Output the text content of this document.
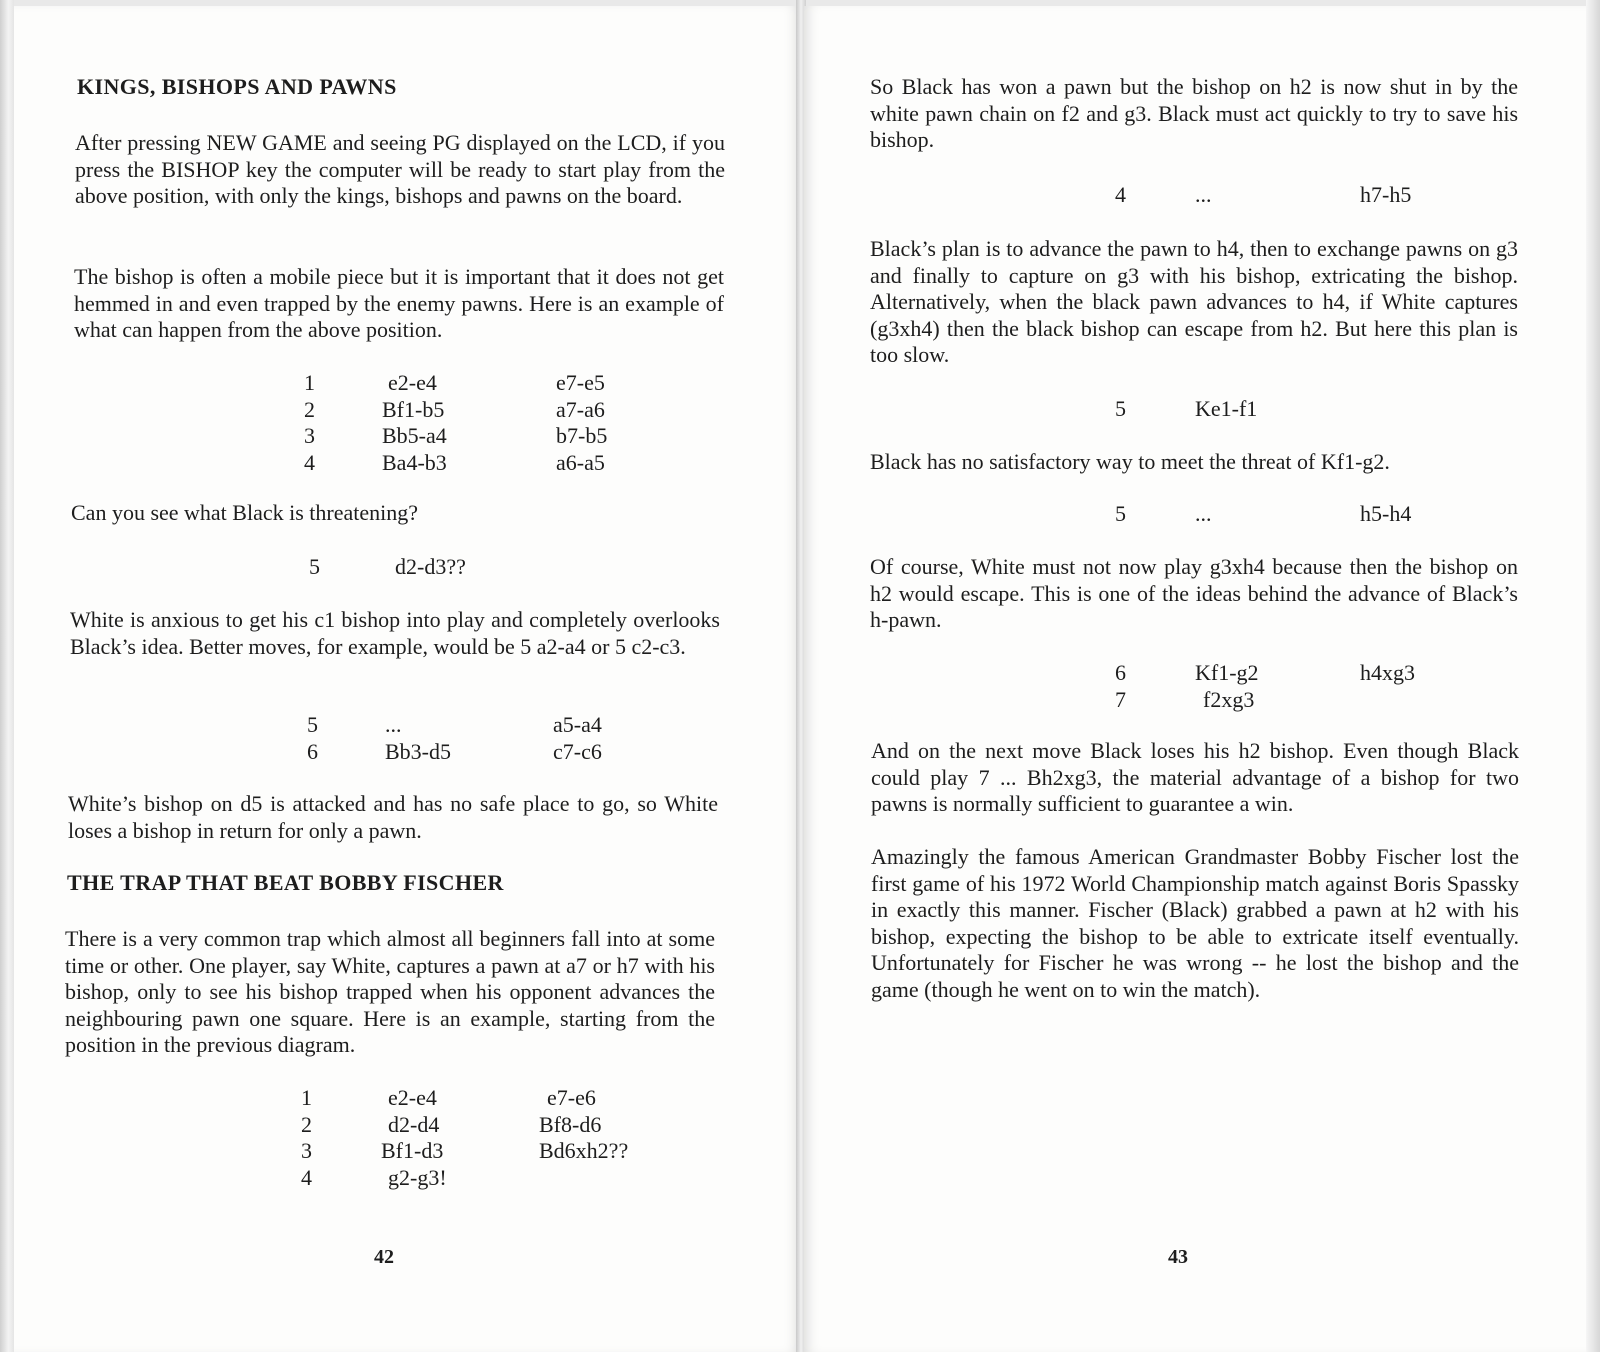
KINGS, BISHOPS AND PAWNS

After pressing NEW GAME and seeing PG displayed on the LCD, if you press the BISHOP key the computer will be ready to start play from the above position, with only the kings, bishops and pawns on the board.

The bishop is often a mobile piece but it is important that it does not get hemmed in and even trapped by the enemy pawns. Here is an example of what can happen from the above position.

1	e2-e4	e7-e5
2	Bf1-b5	a7-a6
3	Bb5-a4	b7-b5
4	Ba4-b3	a6-a5

Can you see what Black is threatening?

5	d2-d3??

White is anxious to get his c1 bishop into play and completely overlooks Black’s idea. Better moves, for example, would be 5 a2-a4 or 5 c2-c3.

5	...	a5-a4
6	Bb3-d5	c7-c6

White’s bishop on d5 is attacked and has no safe place to go, so White loses a bishop in return for only a pawn.

THE TRAP THAT BEAT BOBBY FISCHER

There is a very common trap which almost all beginners fall into at some time or other. One player, say White, captures a pawn at a7 or h7 with his bishop, only to see his bishop trapped when his opponent advances the neighbouring pawn one square. Here is an example, starting from the position in the previous diagram.

1	e2-e4	e7-e6
2	d2-d4	Bf8-d6
3	Bf1-d3	Bd6xh2??
4	g2-g3!
42

So Black has won a pawn but the bishop on h2 is now shut in by the white pawn chain on f2 and g3. Black must act quickly to try to save his bishop.

4	...	h7-h5

Black’s plan is to advance the pawn to h4, then to exchange pawns on g3 and finally to capture on g3 with his bishop, extricating the bishop. Alternatively, when the black pawn advances to h4, if White captures (g3xh4) then the black bishop can escape from h2. But here this plan is too slow.

5	Ke1-f1

Black has no satisfactory way to meet the threat of Kf1-g2.

5	...	h5-h4

Of course, White must not now play g3xh4 because then the bishop on h2 would escape. This is one of the ideas behind the advance of Black’s h-pawn.

6	Kf1-g2	h4xg3
7	f2xg3

And on the next move Black loses his h2 bishop. Even though Black could play 7 ... Bh2xg3, the material advantage of a bishop for two pawns is normally sufficient to guarantee a win.

Amazingly the famous American Grandmaster Bobby Fischer lost the first game of his 1972 World Championship match against Boris Spassky in exactly this manner. Fischer (Black) grabbed a pawn at h2 with his bishop, expecting the bishop to be able to extricate itself eventually. Unfortunately for Fischer he was wrong -- he lost the bishop and the game (though he went on to win the match).

43
